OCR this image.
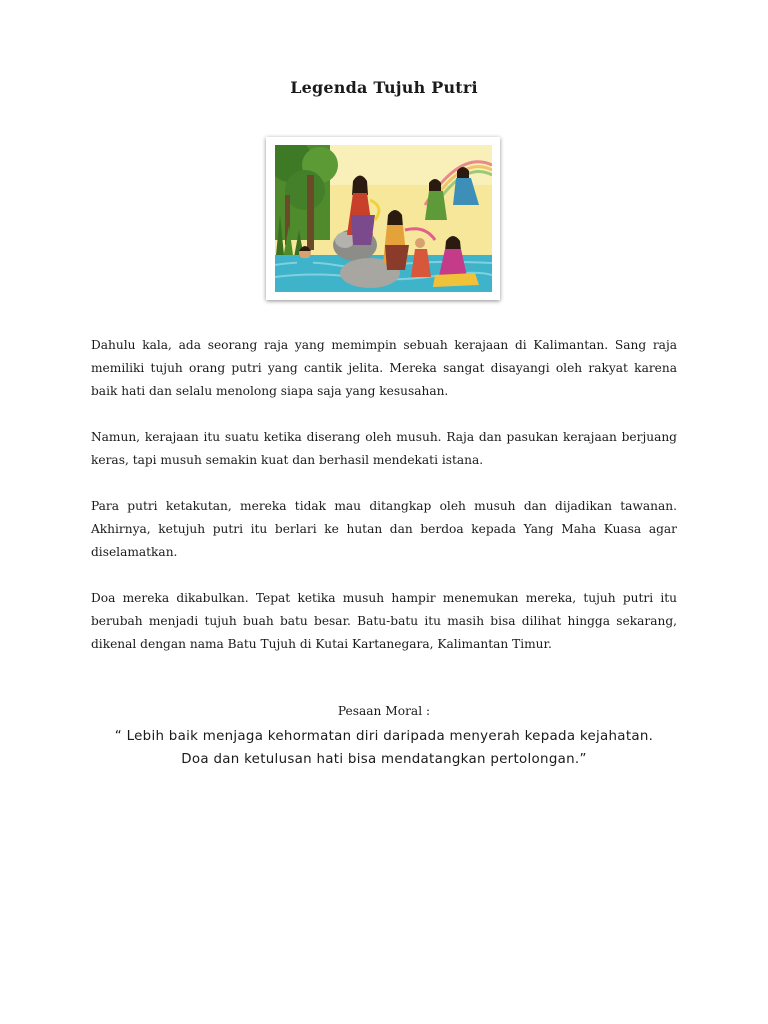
Legenda Tujuh Putri

Dahulu kala, ada seorang raja yang memimpin sebuah kerajaan di Kalimantan. Sang raja memiliki tujuh orang putri yang cantik jelita. Mereka sangat disayangi oleh rakyat karena baik hati dan selalu menolong siapa saja yang kesusahan.

Namun, kerajaan itu suatu ketika diserang oleh musuh. Raja dan pasukan kerajaan berjuang keras, tapi musuh semakin kuat dan berhasil mendekati istana.

Para putri ketakutan, mereka tidak mau ditangkap oleh musuh dan dijadikan tawanan. Akhirnya, ketujuh putri itu berlari ke hutan dan berdoa kepada Yang Maha Kuasa agar diselamatkan.

Doa mereka dikabulkan. Tepat ketika musuh hampir menemukan mereka, tujuh putri itu berubah menjadi tujuh buah batu besar. Batu-batu itu masih bisa dilihat hingga sekarang, dikenal dengan nama Batu Tujuh di Kutai Kartanegara, Kalimantan Timur.

Pesaan Moral :
“ Lebih baik menjaga kehormatan diri daripada menyerah kepada kejahatan.
Doa dan ketulusan hati bisa mendatangkan pertolongan.”
